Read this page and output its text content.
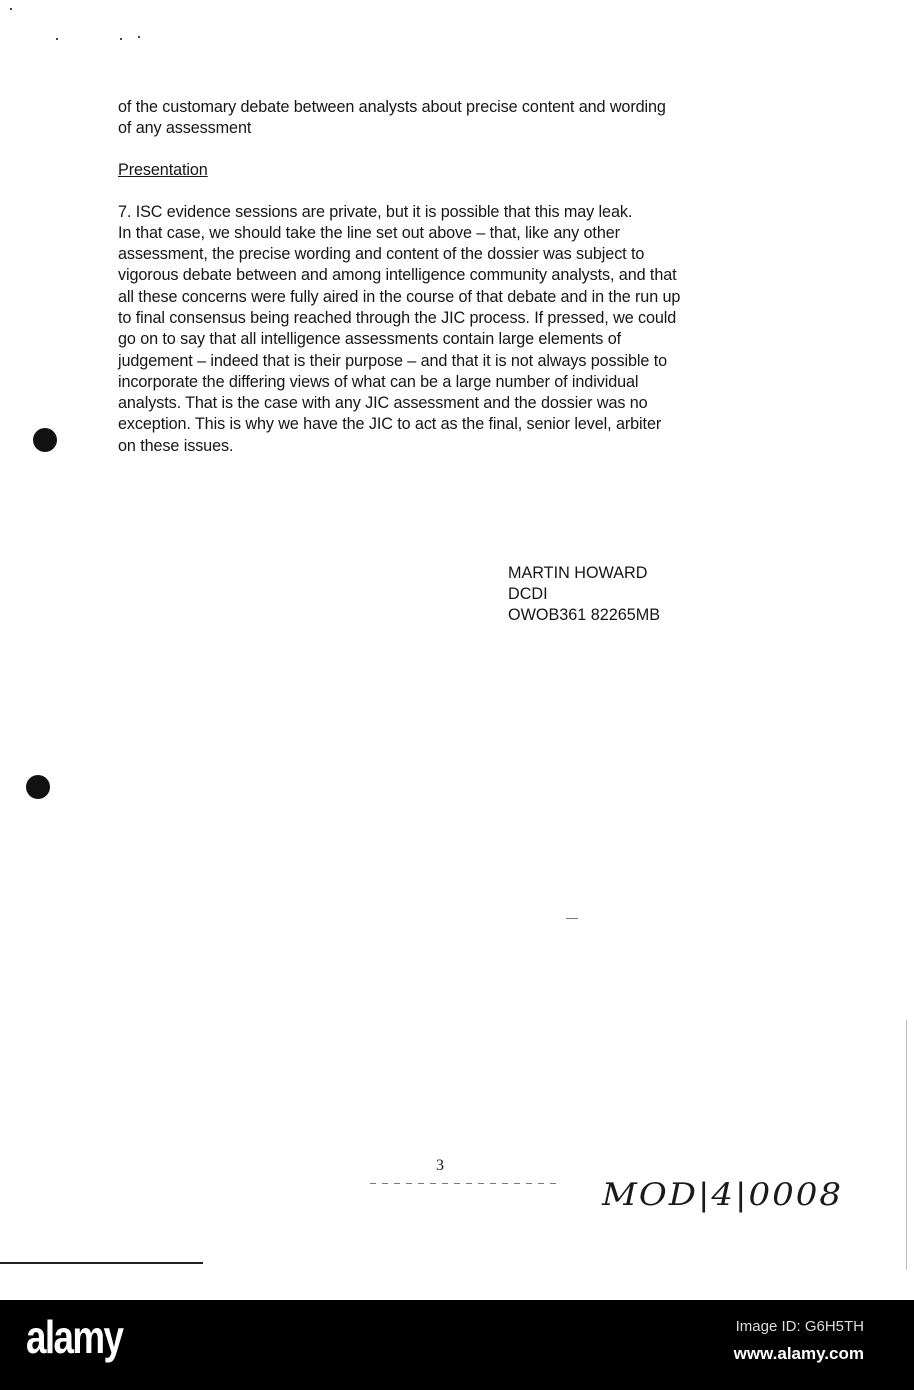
of the customary debate between analysts about precise content and wording
of any assessment
Presentation
7. ISC evidence sessions are private, but it is possible that this may leak.
In that case, we should take the line set out above – that, like any other
assessment, the precise wording and content of the dossier was subject to
vigorous debate between and among intelligence community analysts, and that
all these concerns were fully aired in the course of that debate and in the run up
to final consensus being reached through the JIC process. If pressed, we could
go on to say that all intelligence assessments contain large elements of
judgement – indeed that is their purpose – and that it is not always possible to
incorporate the differing views of what can be a large number of individual
analysts. That is the case with any JIC assessment and the dossier was no
exception. This is why we have the JIC to act as the final, senior level, arbiter
on these issues.
MARTIN HOWARD
DCDI
OWOB361 82265MB
3
MOD|4|0008
alamy	Image ID: G6H5TH
www.alamy.com
